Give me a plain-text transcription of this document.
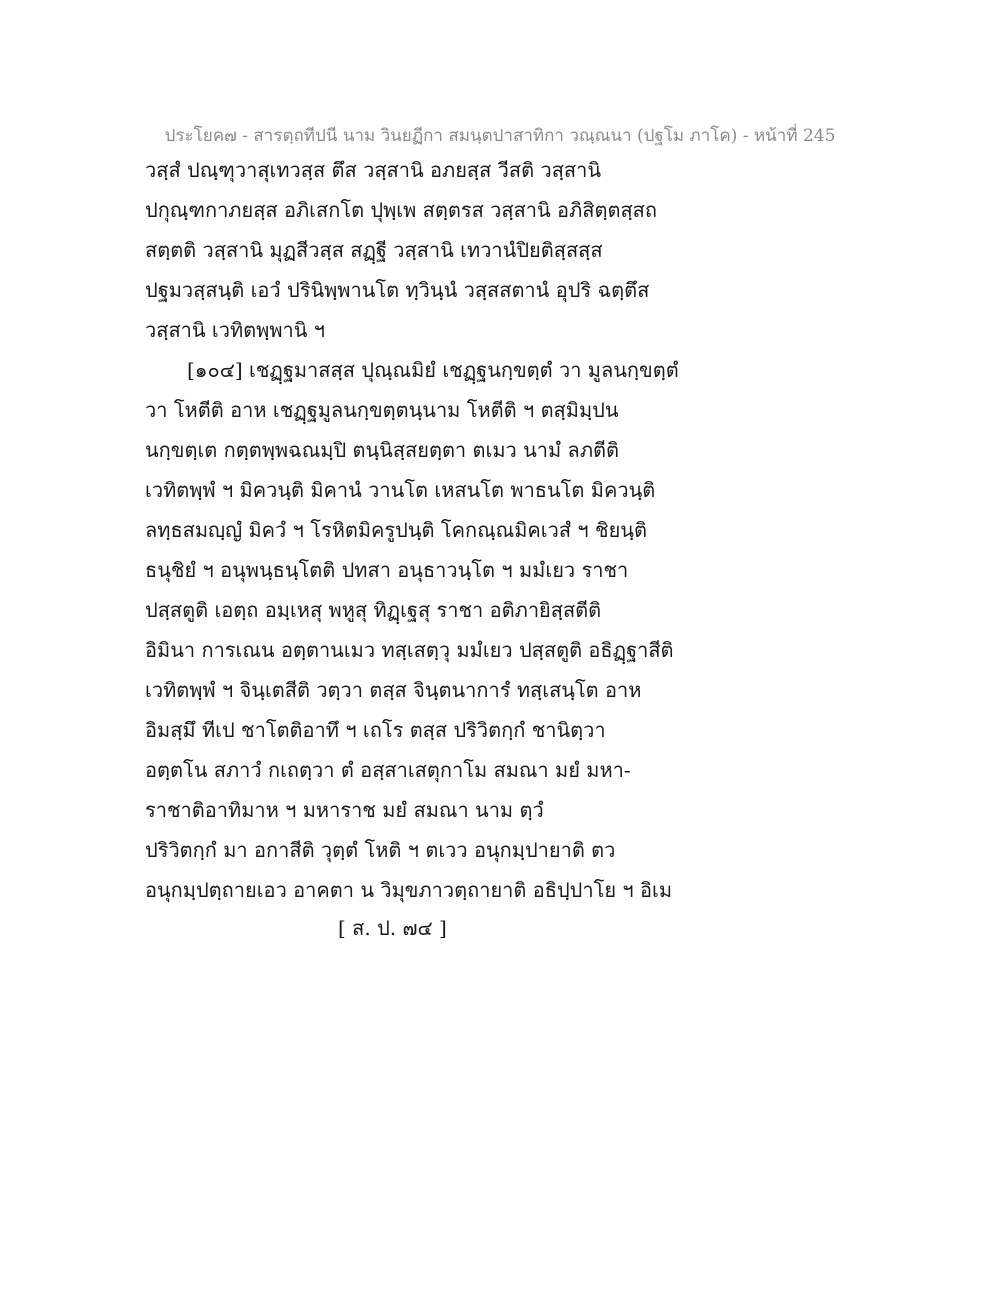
ประโยค๗ - สารตฺถทีปนี นาม วินยฏีกา สมนฺตปาสาทิกา วณฺณนา (ปฐโม ภาโค) - หน้าที่ 245
วสฺสํ ปณฺฑุวาสุเทวสฺส ตึส วสฺสานิ อภยสฺส วีสติ วสฺสานิ
ปกุณฺฑกาภยสฺส อภิเสกโต ปุพฺเพ สตฺตรส วสฺสานิ อภิสิตฺตสฺสถ
สตฺตติ วสฺสานิ มุฏสีวสฺส สฏฺฐี วสฺสานิ เทวานํปิยติสฺสสฺส
ปฐมวสฺสนฺติ เอวํ ปรินิพฺพานโต ทฺวินฺนํ วสฺสสตานํ อุปริ ฉตฺตึส
วสฺสานิ เวทิตพฺพานิ ฯ
[๑๐๔] เชฏฺฐมาสสฺส ปุณฺณมิยํ เชฏฺฐนกฺขตฺตํ วา มูลนกฺขตฺตํ
วา โหตีติ อาห เชฏฺฐมูลนกฺขตฺตนฺนาม โหตีติ ฯ ตสฺมิมฺปน
นกฺขตฺเต กตฺตพฺพฉณมฺปิ ตนฺนิสฺสยตฺตา ตเมว นามํ ลภตีติ
เวทิตพฺพํ ฯ มิควนฺติ มิคานํ วานโต เหสนโต พาธนโต มิควนฺติ
ลทฺธสมญฺญํ มิควํ ฯ โรหิตมิครูปนฺติ โคกณฺณมิคเวสํ ฯ ชิยนฺติ
ธนุชิยํ ฯ อนุพนฺธนฺโตติ ปทสา อนุธาวนฺโต ฯ มมํเยว ราชา
ปสฺสตูติ เอตฺถ อมฺเหสุ พหูสุ ทิฏฺเฐสุ ราชา อติภายิสฺสตีติ
อิมินา การเณน อตฺตานเมว ทสฺเสตฺวุ มมํเยว ปสฺสตูติ อธิฏฺฐาสีติ
เวทิตพฺพํ ฯ จินฺเตสีติ วตฺวา ตสฺส จินฺตนาการํ ทสฺเสนฺโต อาห
อิมสฺมึ ทีเป ชาโตติอาทึ ฯ เถโร ตสฺส ปริวิตกฺกํ ชานิตฺวา
อตฺตโน สภาวํ กเถตฺวา ตํ อสฺสาเสตุกาโม สมณา มยํ มหา-
ราชาติอาทิมาห ฯ มหาราช มยํ สมณา นาม ตฺวํ
ปริวิตกฺกํ มา อกาสีติ วุตฺตํ โหติ ฯ ตเวว อนุกมฺปายาติ ตว
อนุกมฺปตฺถายเอว อาคตา น วิมุขภาวตฺถายาติ อธิปฺปาโย ฯ อิเม
[ ส. ป. ๗๔ ]
